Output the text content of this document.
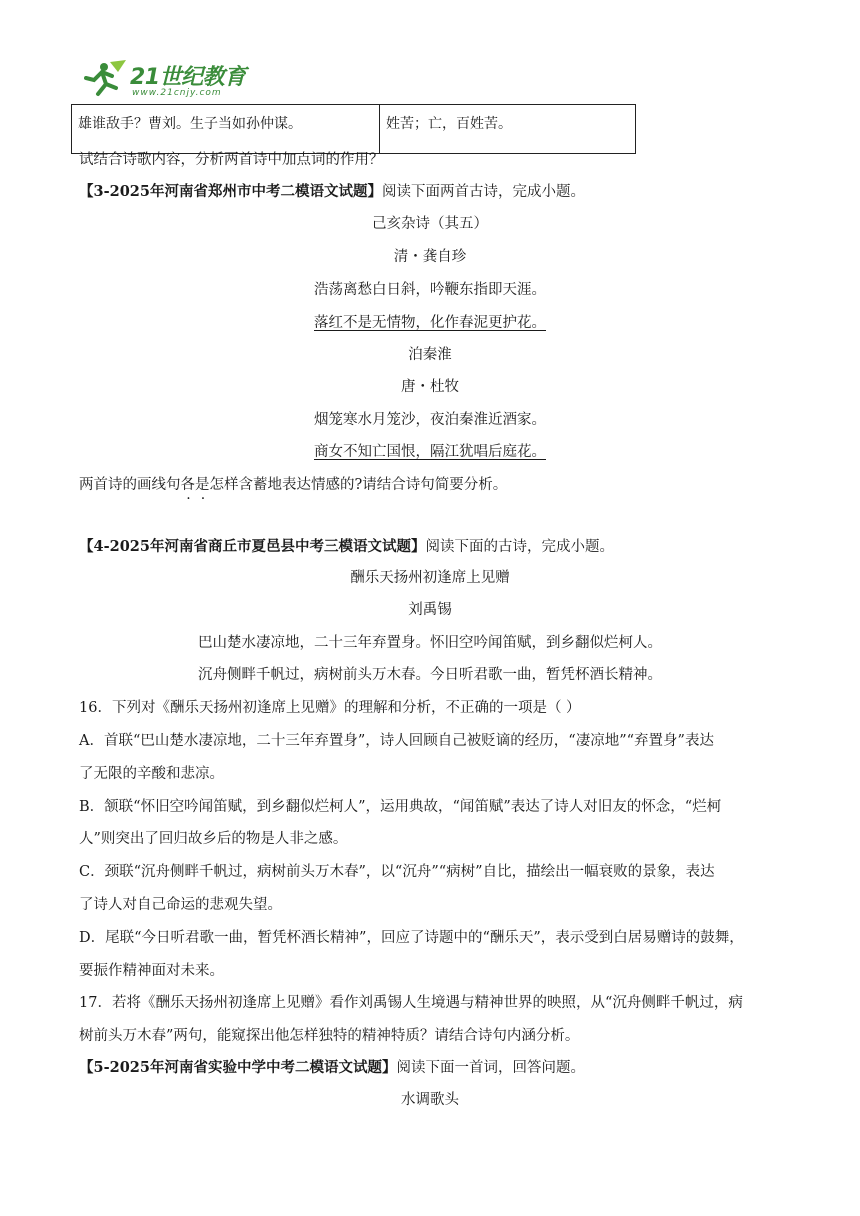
21世纪教育
www.21cnjy.com
雄谁敌手？曹刘。生子当如孙仲谋。	姓苦；亡，百姓苦。
试结合诗歌内容，分析两首诗中加点词的作用？
【3-2025年河南省郑州市中考二模语文试题】阅读下面两首古诗，完成小题。
己亥杂诗（其五）
清・龚自珍
浩荡离愁白日斜，吟鞭东指即天涯。
落红不是无情物，化作春泥更护花。
泊秦淮
唐・杜牧
烟笼寒水月笼沙，夜泊秦淮近酒家。
商女不知亡国恨，隔江犹唱后庭花。
两首诗的画线句各是怎样含蓄地表达情感的?请结合诗句简要分析。
【4-2025年河南省商丘市夏邑县中考三模语文试题】阅读下面的古诗，完成小题。
酬乐天扬州初逢席上见赠
刘禹锡
巴山楚水凄凉地，二十三年弃置身。怀旧空吟闻笛赋，到乡翻似烂柯人。
沉舟侧畔千帆过，病树前头万木春。今日听君歌一曲，暂凭杯酒长精神。
16．下列对《酬乐天扬州初逢席上见赠》的理解和分析，不正确的一项是（ ）
A．首联“巴山楚水凄凉地，二十三年弃置身”，诗人回顾自己被贬谪的经历，“凄凉地”“弃置身”表达
了无限的辛酸和悲凉。
B．颔联“怀旧空吟闻笛赋，到乡翻似烂柯人”，运用典故，“闻笛赋”表达了诗人对旧友的怀念，“烂柯
人”则突出了回归故乡后的物是人非之感。
C．颈联“沉舟侧畔千帆过，病树前头万木春”，以“沉舟”“病树”自比，描绘出一幅衰败的景象，表达
了诗人对自己命运的悲观失望。
D．尾联“今日听君歌一曲，暂凭杯酒长精神”，回应了诗题中的“酬乐天”，表示受到白居易赠诗的鼓舞，
要振作精神面对未来。
17．若将《酬乐天扬州初逢席上见赠》看作刘禹锡人生境遇与精神世界的映照，从“沉舟侧畔千帆过，病
树前头万木春”两句，能窥探出他怎样独特的精神特质？请结合诗句内涵分析。
【5-2025年河南省实验中学中考二模语文试题】阅读下面一首词，回答问题。
水调歌头
